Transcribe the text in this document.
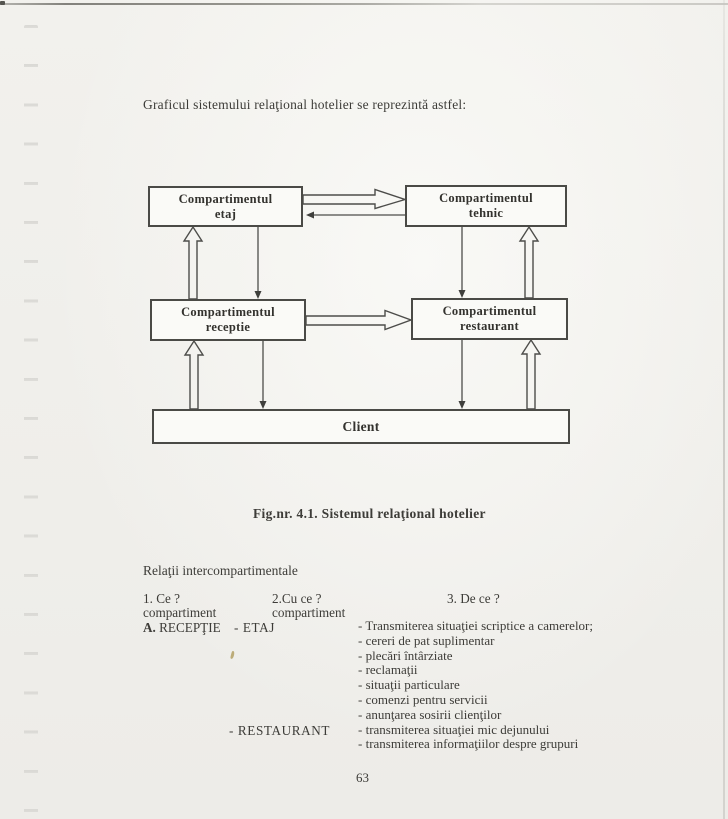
Graficul sistemului relaţional hotelier se reprezintă astfel:
Compartimentul
etaj
Compartimentul
tehnic
Compartimentul
receptie
Compartimentul
restaurant
Client
Fig.nr. 4.1. Sistemul relaţional hotelier
Relaţii intercompartimentale
1. Ce ?
compartiment
2.Cu ce ?
compartiment
3. De ce ?
A. RECEPŢIE - ETAJ
- RESTAURANT
- Transmiterea situaţiei scriptice a camerelor;
- cereri de pat suplimentar
- plecări întârziate
- reclamaţii
- situaţii particulare
- comenzi pentru servicii
- anunţarea sosirii clienţilor
- transmiterea situaţiei mic dejunului
- transmiterea informaţiilor despre grupuri
63
